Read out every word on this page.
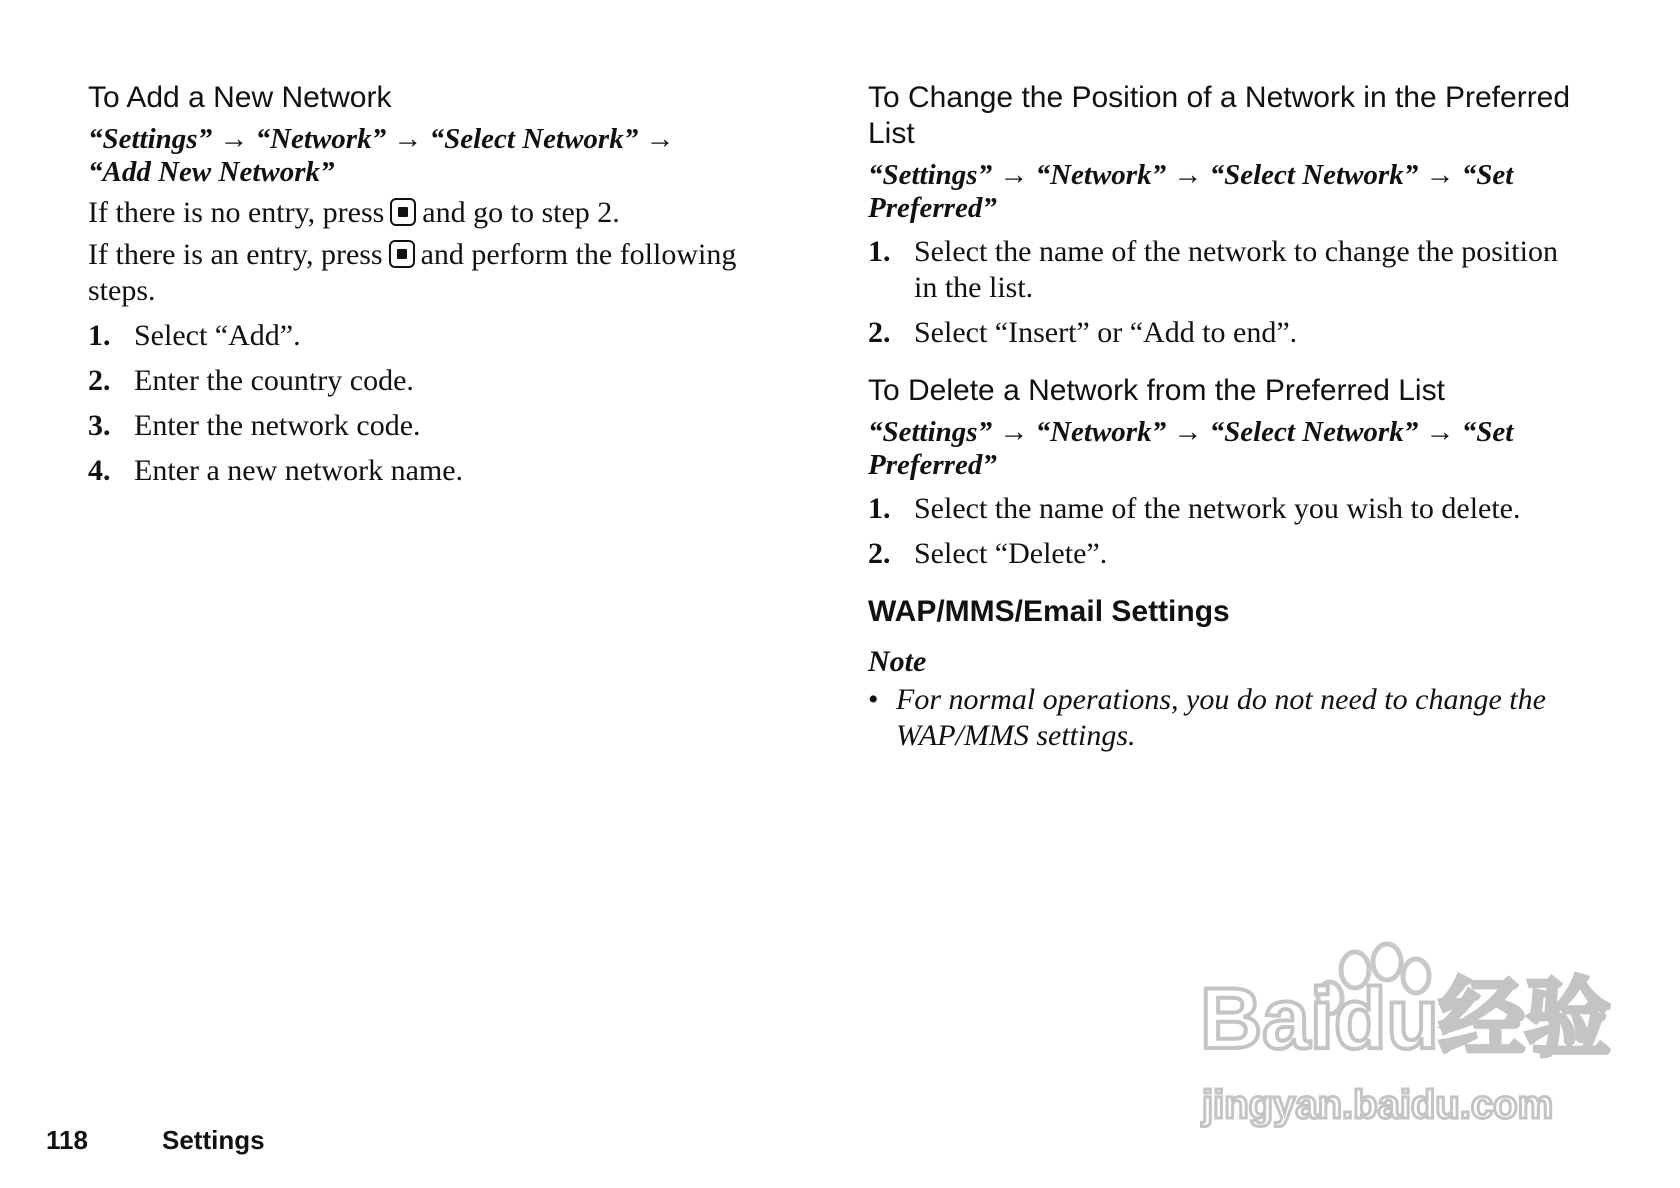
To Add a New Network

“Settings” → “Network” → “Select Network” →
“Add New Network”

If there is no entry, press and go to step 2.

If there is an entry, press and perform the following steps.

1. Select “Add”.
2. Enter the country code.
3. Enter the network code.
4. Enter a new network name.
To Change the Position of a Network in the Preferred List

“Settings” → “Network” → “Select Network” → “Set Preferred”

1. Select the name of the network to change the position in the list.
2. Select “Insert” or “Add to end”.
To Delete a Network from the Preferred List

“Settings” → “Network” → “Select Network” → “Set Preferred”

1. Select the name of the network you wish to delete.
2. Select “Delete”.
WAP/MMS/Email Settings

Note

• For normal operations, you do not need to change the WAP/MMS settings.
Baidu经验
jingyan.baidu.com
118	Settings
